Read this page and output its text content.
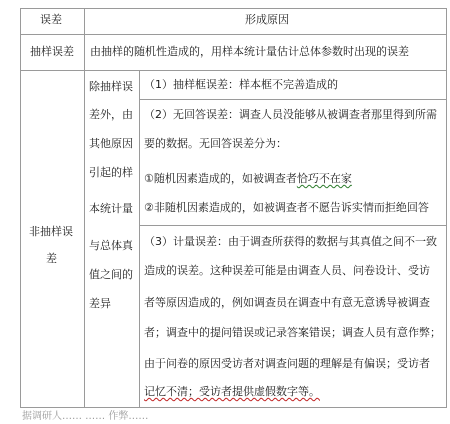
误差	形成原因
抽样误差 由抽样的随机性造成的，用样本统计量估计总体参数时出现的误差
非抽样误
差
除抽样误
差外，由
其他原因
引起的样
本统计量
与总体真
值之间的
差异
（1）抽样框误差：样本框不完善造成的
（2）无回答误差：调查人员没能够从被调查者那里得到所需
要的数据。无回答误差分为：
①随机因素造成的，如被调查者恰巧不在家
②非随机因素造成的，如被调查者不愿告诉实情而拒绝回答
（3）计量误差：由于调查所获得的数据与其真值之间不一致
造成的误差。这种误差可能是由调查人员、问卷设计、受访
者等原因造成的，例如调查员在调查中有意无意诱导被调查
者；调查中的提问错误或记录答案错误；调查人员有意作弊；
由于问卷的原因受访者对调查问题的理解是有偏误；受访者
记忆不清；受访者提供虚假数字等。
据调研人…… …… 作弊……
